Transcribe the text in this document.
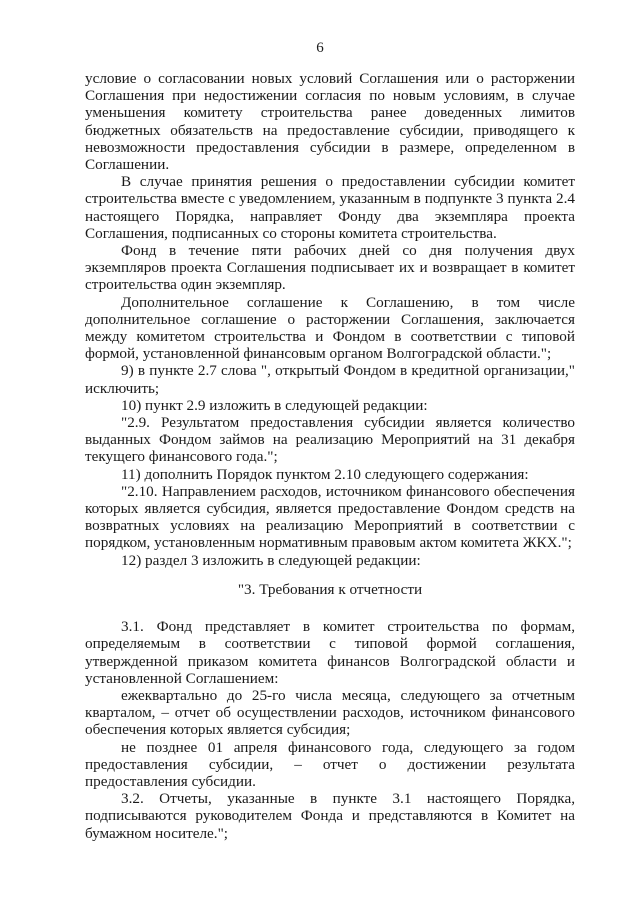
6

условие о согласовании новых условий Соглашения или о расторжении Соглашения при недостижении согласия по новым условиям, в случае уменьшения комитету строительства ранее доведенных лимитов бюджетных обязательств на предоставление субсидии, приводящего к невозможности предоставления субсидии в размере, определенном в Соглашении.

В случае принятия решения о предоставлении субсидии комитет строительства вместе с уведомлением, указанным в подпункте 3 пункта 2.4 настоящего Порядка, направляет Фонду два экземпляра проекта Соглашения, подписанных со стороны комитета строительства.

Фонд в течение пяти рабочих дней со дня получения двух экземпляров проекта Соглашения подписывает их и возвращает в комитет строительства один экземпляр.

Дополнительное соглашение к Соглашению, в том числе дополнительное соглашение о расторжении Соглашения, заключается между комитетом строительства и Фондом в соответствии с типовой формой, установленной финансовым органом Волгоградской области.";

9) в пункте 2.7 слова ", открытый Фондом в кредитной организации," исключить;

10) пункт 2.9 изложить в следующей редакции:

"2.9. Результатом предоставления субсидии является количество выданных Фондом займов на реализацию Мероприятий на 31 декабря текущего финансового года.";

11) дополнить Порядок пунктом 2.10 следующего содержания:

"2.10. Направлением расходов, источником финансового обеспечения которых является субсидия, является предоставление Фондом средств на возвратных условиях на реализацию Мероприятий в соответствии с порядком, установленным нормативным правовым актом комитета ЖКХ.";

12) раздел 3 изложить в следующей редакции:

"3. Требования к отчетности

3.1. Фонд представляет в комитет строительства по формам, определяемым в соответствии с типовой формой соглашения, утвержденной приказом комитета финансов Волгоградской области и установленной Соглашением:

ежеквартально до 25-го числа месяца, следующего за отчетным кварталом, – отчет об осуществлении расходов, источником финансового обеспечения которых является субсидия;

не позднее 01 апреля финансового года, следующего за годом предоставления субсидии, – отчет о достижении результата предоставления субсидии.

3.2. Отчеты, указанные в пункте 3.1 настоящего Порядка, подписываются руководителем Фонда и представляются в Комитет на бумажном носителе.";
